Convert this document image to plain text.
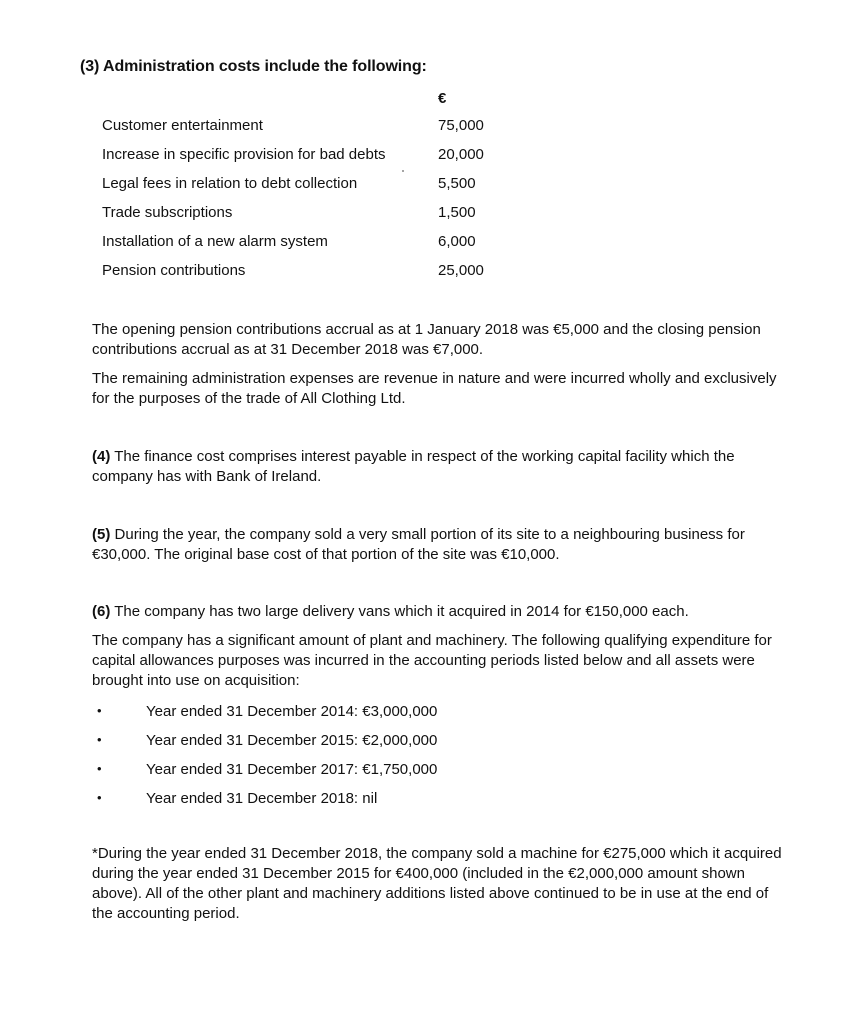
(3) Administration costs include the following:
€
Customer entertainment	75,000
Increase in specific provision for bad debts	20,000
Legal fees in relation to debt collection	5,500
Trade subscriptions	1,500
Installation of a new alarm system	6,000
Pension contributions	25,000
The opening pension contributions accrual as at 1 January 2018 was €5,000 and the closing pension contributions accrual as at 31 December 2018 was €7,000.
The remaining administration expenses are revenue in nature and were incurred wholly and exclusively for the purposes of the trade of All Clothing Ltd.
(4) The finance cost comprises interest payable in respect of the working capital facility which the company has with Bank of Ireland.
(5) During the year, the company sold a very small portion of its site to a neighbouring business for €30,000. The original base cost of that portion of the site was €10,000.
(6) The company has two large delivery vans which it acquired in 2014 for €150,000 each.
The company has a significant amount of plant and machinery. The following qualifying expenditure for capital allowances purposes was incurred in the accounting periods listed below and all assets were brought into use on acquisition:
•	Year ended 31 December 2014: €3,000,000
•	Year ended 31 December 2015: €2,000,000
•	Year ended 31 December 2017: €1,750,000
•	Year ended 31 December 2018: nil
*During the year ended 31 December 2018, the company sold a machine for €275,000 which it acquired during the year ended 31 December 2015 for €400,000 (included in the €2,000,000 amount shown above). All of the other plant and machinery additions listed above continued to be in use at the end of the accounting period.
